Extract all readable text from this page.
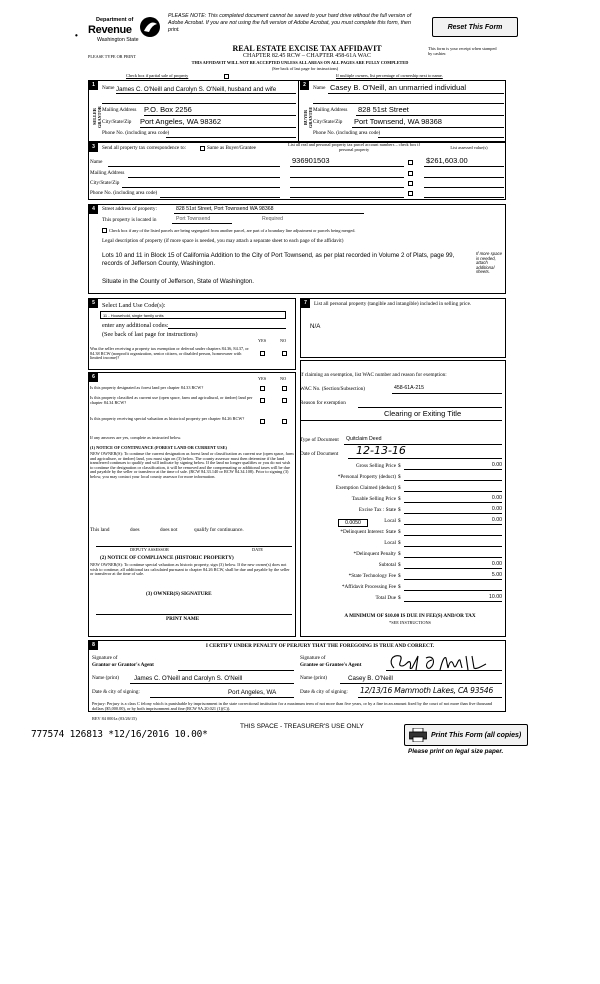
Department of
Revenue
Washington State
•
PLEASE NOTE: This completed document cannot be saved to your hard drive without the full version of Adobe Acrobat. If you are not using the full version of Adobe Acrobat, you must complete this form, then print.	Reset This Form
REAL ESTATE EXCISE TAX AFFIDAVIT
CHAPTER 82.45 RCW – CHAPTER 458-61A WAC
PLEASE TYPE OR PRINT
This form is your receipt when stamped by cashier.
THIS AFFIDAVIT WILL NOT BE ACCEPTED UNLESS ALL AREAS ON ALL PAGES ARE FULLY COMPLETED
(See back of last page for instructions)
Check box if partial sale of property	If multiple owners, list percentage of ownership next to name.
1
SELLER GRANTOR
Name James C. O'Neill and Carolyn S. O'Neill, husband and wife
Mailing Address P.O. Box 2256
City/State/Zip Port Angeles, WA 98362
Phone No. (including area code)
2
BUYER GRANTEE
Name Casey B. O'Neill, an unmarried individual
Mailing Address 828 51st Street
City/State/Zip Port Townsend, WA 98368
Phone No. (including area code)
3	Send all property tax correspondence to:	Same as Buyer/Grantee
List all real and personal property tax parcel account numbers – check box if personal property	List assessed value(s)
Name
Mailing Address
City/State/Zip
Phone No. (including area code)
936901503	$261,603.00
4	Street address of property:	828 51st Street, Port Townsend WA 98368
This property is located in	Port Townsend	Required
Check box if any of the listed parcels are being segregated from another parcel, are part of a boundary line adjustment or parcels being merged.
Legal description of property (if more space is needed, you may attach a separate sheet to each page of the affidavit)
Lots 10 and 11 in Block 15 of California Addition to the City of Port Townsend, as per plat recorded in Volume 2 of Plats, page 99, records of Jefferson County, Washington.
Situate in the County of Jefferson, State of Washington.
If more space is needed, attach additional sheets.
5	Select Land Use Code(s):
11 - Household, single family units
enter any additional codes:
(See back of last page for instructions)
YES	NO
Was the seller receiving a property tax exemption or deferral under chapters 84.36, 84.37, or 84.38 RCW (nonprofit organization, senior citizen, or disabled person, homeowner with limited income)?
6	YES	NO
Is this property designated as forest land per chapter 84.33 RCW?
Is this property classified as current use (open space, farm and agricultural, or timber) land per chapter 84.34 RCW?
Is this property receiving special valuation as historical property per chapter 84.26 RCW?
If any answers are yes, complete as instructed below.
(1) NOTICE OF CONTINUANCE (FOREST LAND OR CURRENT USE)
NEW OWNER(S): To continue the current designation as forest land or classification as current use (open space, farm and agriculture, or timber) land, you must sign on (3) below. The county assessor must then determine if the land transferred continues to qualify and will indicate by signing below. If the land no longer qualifies or you do not wish to continue the designation or classification, it will be removed and the compensating or additional taxes will be due and payable by the seller or transferor at the time of sale. (RCW 84.33.140 or RCW 84.34.108). Prior to signing (3) below, you may contact your local county assessor for more information.
This land	does	does not	qualify for continuance.
DEPUTY ASSESSOR	DATE
(2) NOTICE OF COMPLIANCE (HISTORIC PROPERTY)
NEW OWNER(S): To continue special valuation as historic property, sign (3) below. If the new owner(s) does not wish to continue, all additional tax calculated pursuant to chapter 84.26 RCW, shall be due and payable by the seller or transferor at the time of sale.
(3) OWNER(S) SIGNATURE
PRINT NAME
7	List all personal property (tangible and intangible) included in selling price.
N/A
If claiming an exemption, list WAC number and reason for exemption:
WAC No. (Section/Subsection)	458-61A-215
Reason for exemption
Clearing or Exiting Title
Type of Document Quitclaim Deed
Date of Document 12-13-16
Gross Selling Price $	0.00
*Personal Property (deduct) $
Exemption Claimed (deduct) $
Taxable Selling Price $	0.00
Excise Tax : State $	0.00
Local $	0.00
*Delinquent Interest: State $
Local $
*Delinquent Penalty $
Subtotal $	0.00
*State Technology Fee $	5.00
*Affidavit Processing Fee $
Total Due $	10.00
0.0050
A MINIMUM OF $10.00 IS DUE IN FEE(S) AND/OR TAX
*SEE INSTRUCTIONS
8	I CERTIFY UNDER PENALTY OF PERJURY THAT THE FOREGOING IS TRUE AND CORRECT.
Signature of
Grantor or Grantor's Agent
Name (print) James C. O'Neill and Carolyn S. O'Neill
Date & city of signing:	Port Angeles, WA
Signature of
Grantee or Grantee's Agent
Name (print)	Casey B. O'Neill
Date & city of signing: 12/13/16 Mammoth Lakes, CA 93546
Perjury: Perjury is a class C felony which is punishable by imprisonment in the state correctional institution for a maximum term of not more than five years, or by a fine in an amount fixed by the court of not more than five thousand dollars ($5,000.00), or by both imprisonment and fine (RCW 9A.20.021 (1)(C)).
REV 84 0001a (03/26/15)
THIS SPACE - TREASURER'S USE ONLY
777574 126813 *12/16/2016 10.00*	Print This Form (all copies)
Please print on legal size paper.
